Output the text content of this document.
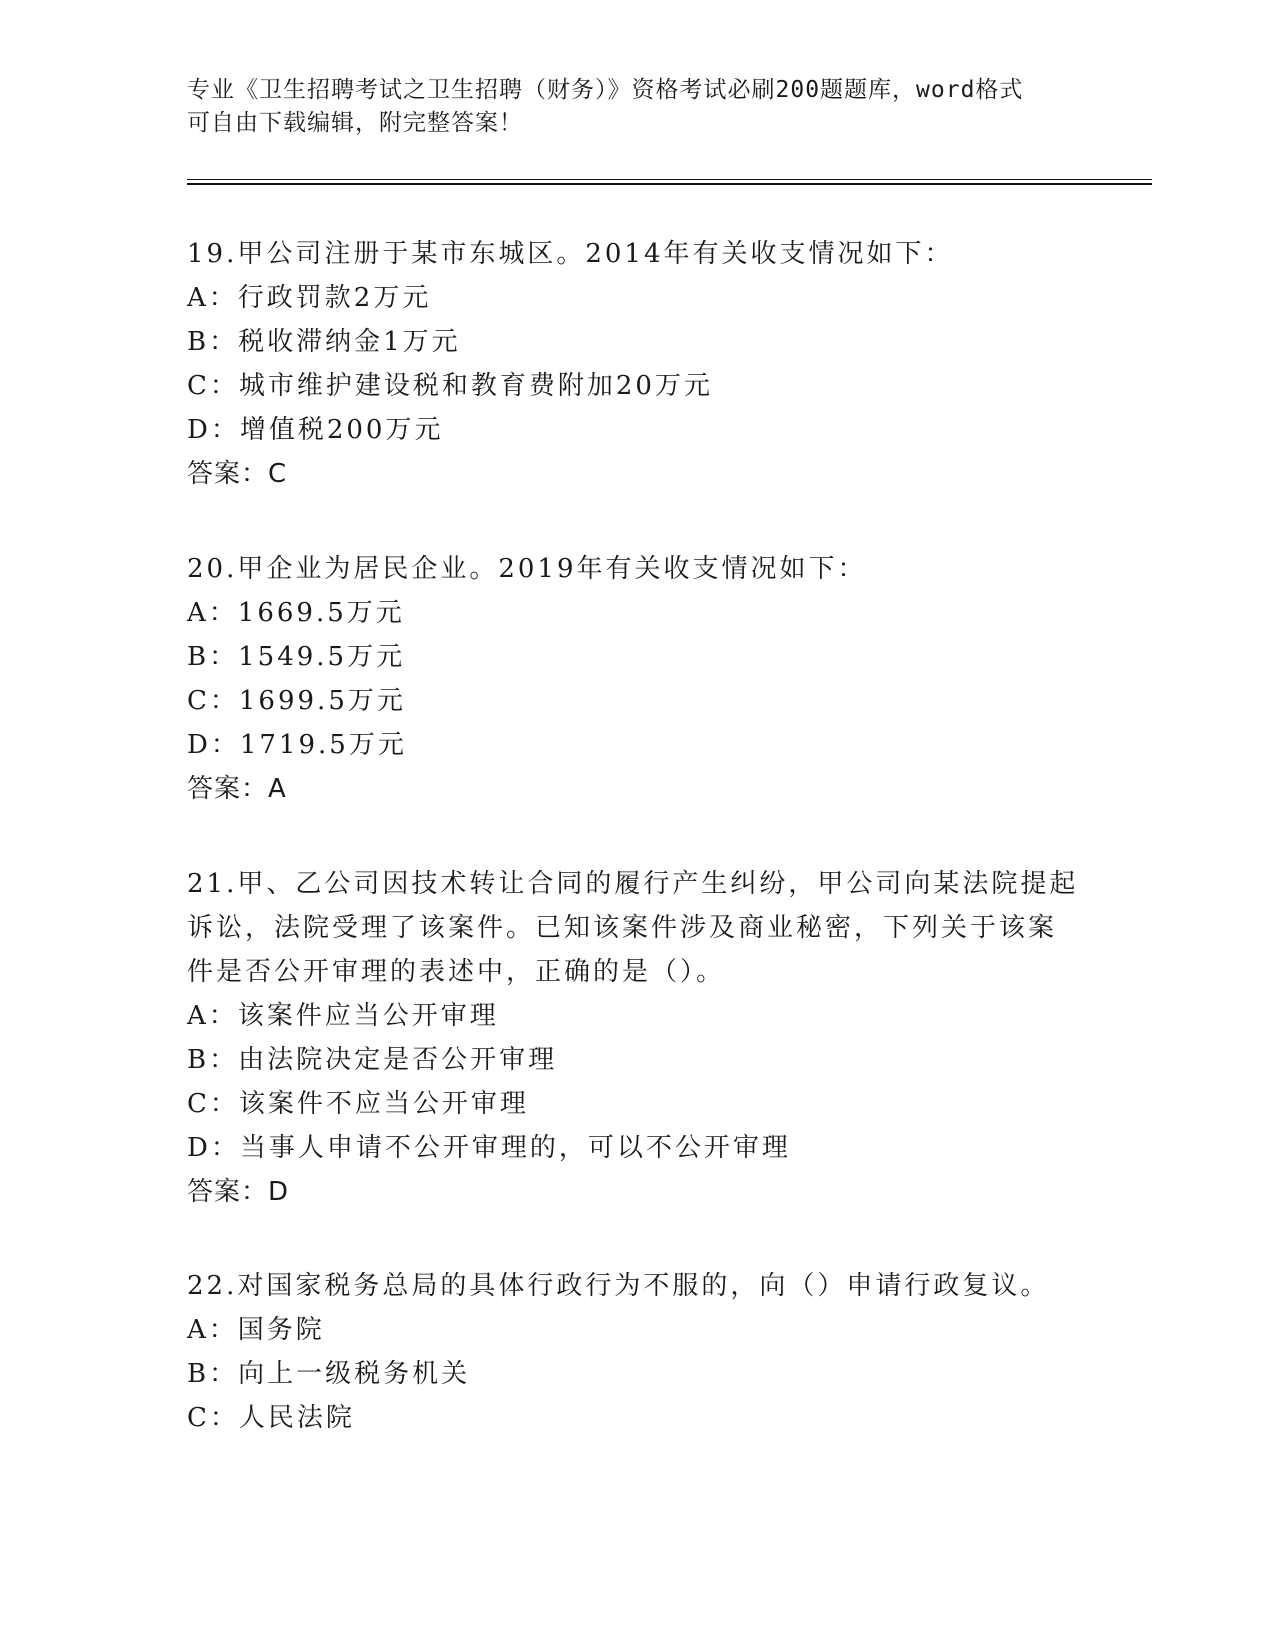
专业《卫生招聘考试之卫生招聘（财务）》资格考试必刷200题题库，word格式
可自由下载编辑，附完整答案！
19.甲公司注册于某市东城区。2014年有关收支情况如下：
A：行政罚款2万元
B：税收滞纳金1万元
C：城市维护建设税和教育费附加20万元
D：增值税200万元
答案：C
20.甲企业为居民企业。2019年有关收支情况如下：
A：1669.5万元
B：1549.5万元
C：1699.5万元
D：1719.5万元
答案：A
21.甲、乙公司因技术转让合同的履行产生纠纷，甲公司向某法院提起
诉讼，法院受理了该案件。已知该案件涉及商业秘密，下列关于该案
件是否公开审理的表述中，正确的是（）。
A：该案件应当公开审理
B：由法院决定是否公开审理
C：该案件不应当公开审理
D：当事人申请不公开审理的，可以不公开审理
答案：D
22.对国家税务总局的具体行政行为不服的，向（）申请行政复议。
A：国务院
B：向上一级税务机关
C：人民法院
